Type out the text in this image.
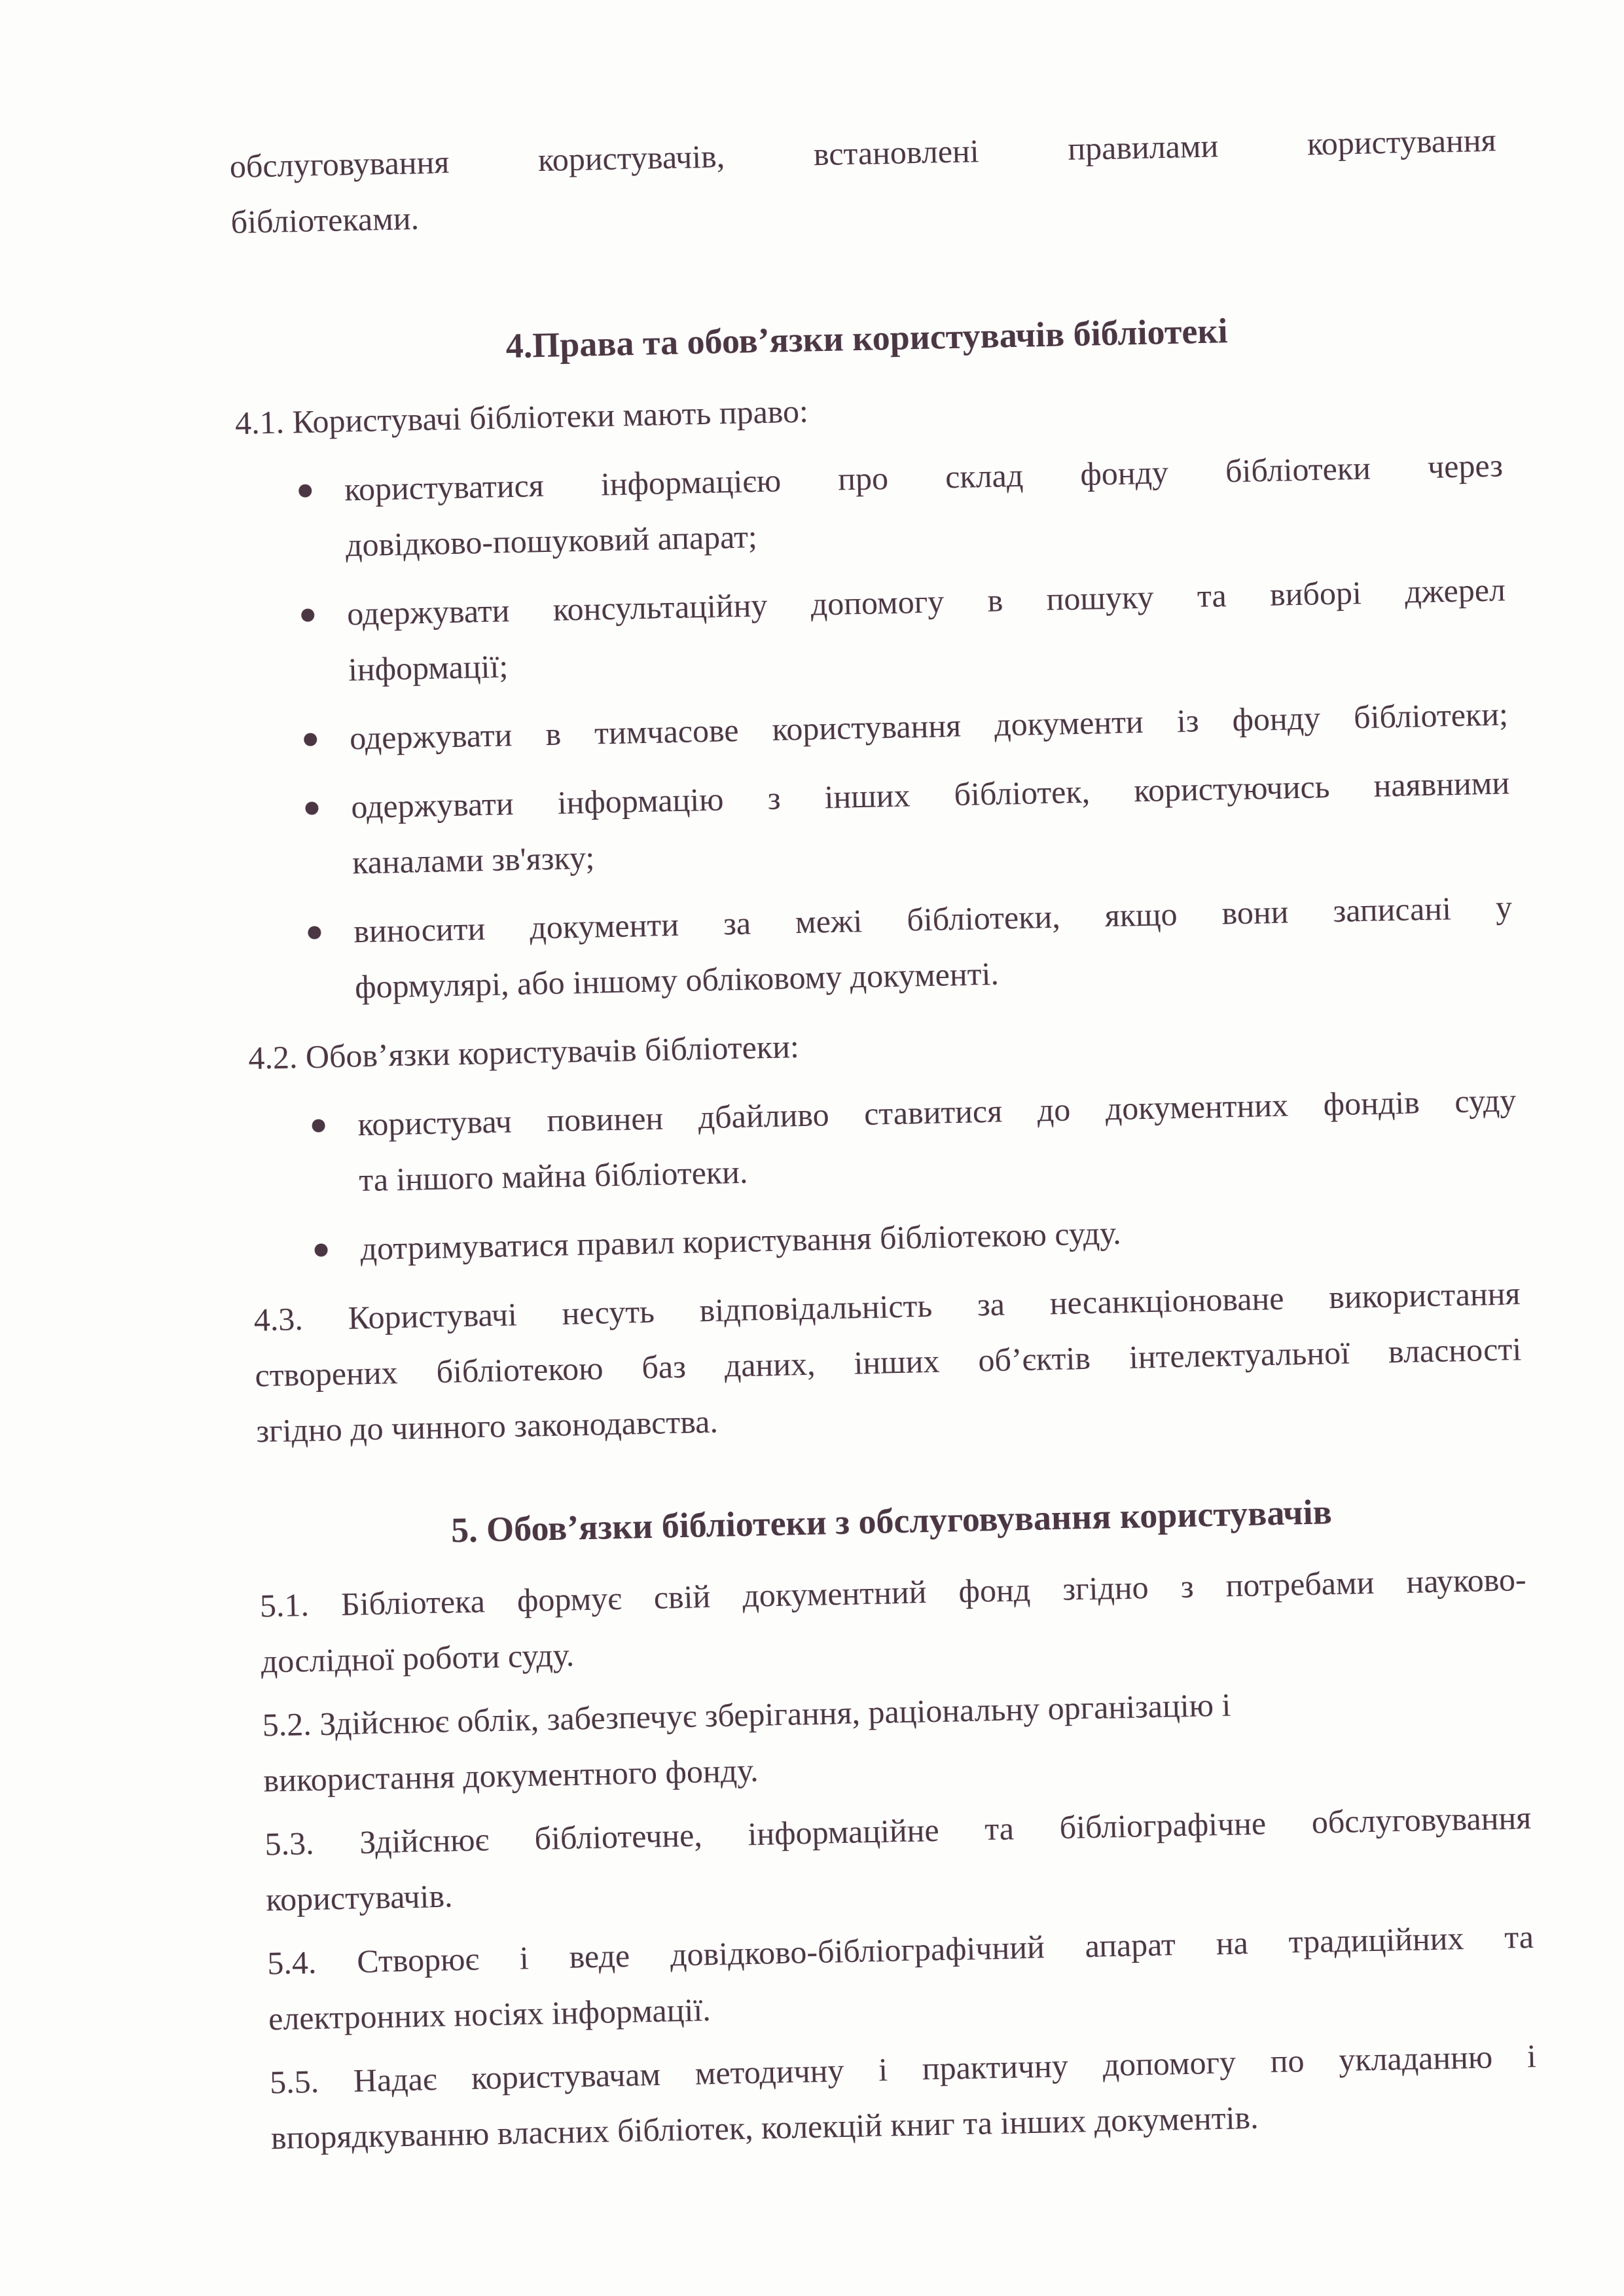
обслуговування користувачів, встановлені правилами користування
бібліотеками.
4.Права та обов’язки користувачів бібліотекі
4.1. Користувачі бібліотеки мають право:
користуватися інформацією про склад фонду бібліотеки через
довідково-пошуковий апарат;
одержувати консультаційну допомогу в пошуку та виборі джерел
інформації;
одержувати в тимчасове користування документи із фонду бібліотеки;
одержувати інформацію з інших бібліотек, користуючись наявними
каналами зв'язку;
виносити документи за межі бібліотеки, якщо вони записані у
формулярі, або іншому обліковому документі.
4.2. Обов’язки користувачів бібліотеки:
користувач повинен дбайливо ставитися до документних фондів суду
та іншого майна бібліотеки.
дотримуватися правил користування бібліотекою суду.
4.3. Користувачі несуть відповідальність за несанкціоноване використання
створених бібліотекою баз даних, інших об’єктів інтелектуальної власності
згідно до чинного законодавства.
5. Обов’язки бібліотеки з обслуговування користувачів
5.1. Бібліотека формує свій документний фонд згідно з потребами науково-
дослідної роботи суду.
5.2. Здійснює облік, забезпечує зберігання, раціональну організацію і
використання документного фонду.
5.3. Здійснює бібліотечне, інформаційне та бібліографічне обслуговування
користувачів.
5.4. Створює і веде довідково-бібліографічний апарат на традиційних та
електронних носіях інформації.
5.5. Надає користувачам методичну і практичну допомогу по укладанню і
впорядкуванню власних бібліотек, колекцій книг та інших документів.
